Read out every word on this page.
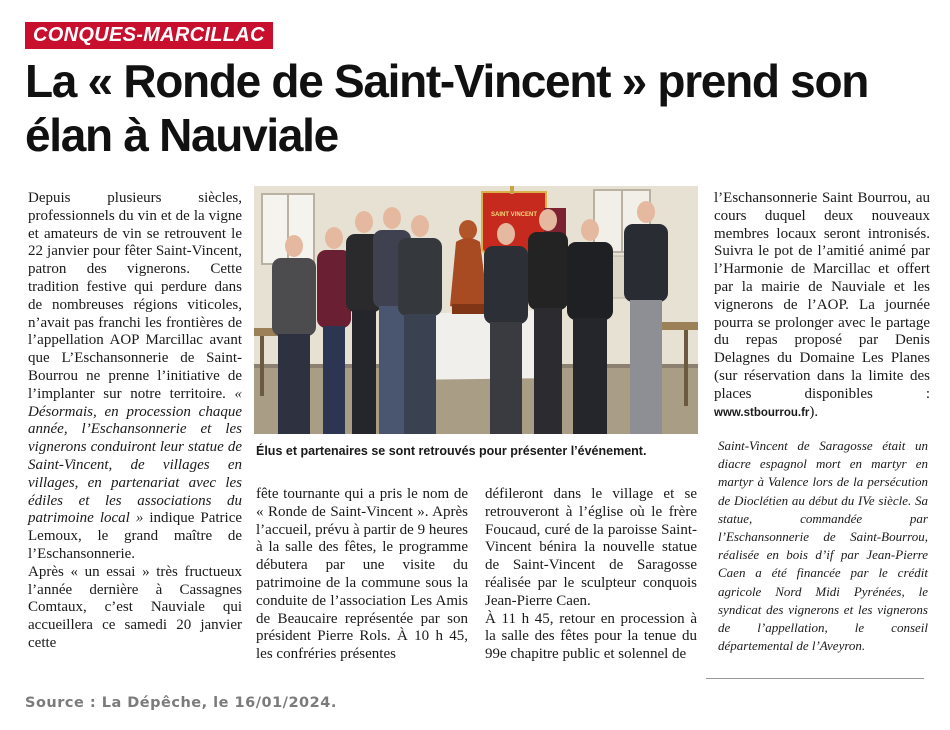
CONQUES-MARCILLAC
La « Ronde de Saint-Vincent » prend son élan à Nauviale

Depuis plusieurs siècles, professionnels du vin et de la vigne et amateurs de vin se retrouvent le 22 janvier pour fêter Saint-Vincent, patron des vignerons. Cette tradition festive qui perdure dans de nombreuses régions viticoles, n’avait pas franchi les frontières de l’appellation AOP Marcillac avant que L’Eschansonnerie de Saint-Bourrou ne prenne l’initiative de l’implanter sur notre territoire. « Désormais, en procession chaque année, l’Eschansonnerie et les vignerons conduiront leur statue de Saint-Vincent, de villages en villages, en partenariat avec les édiles et les associations du patrimoine local » indique Patrice Lemoux, le grand maître de l’Eschansonnerie.

Après « un essai » très fructueux l’année dernière à Cassagnes Comtaux, c’est Nauviale qui accueillera ce samedi 20 janvier cette

SAINT VINCENT
Élus et partenaires se sont retrouvés pour présenter l’événement.

fête tournante qui a pris le nom de « Ronde de Saint-Vincent ». Après l’accueil, prévu à partir de 9 heures à la salle des fêtes, le programme débutera par une visite du patrimoine de la commune sous la conduite de l’association Les Amis de Beaucaire représentée par son président Pierre Rols. À 10 h 45, les confréries présentes

défileront dans le village et se retrouveront à l’église où le frère Foucaud, curé de la paroisse Saint-Vincent bénira la nouvelle statue de Saint-Vincent de Saragosse réalisée par le sculpteur conquois Jean-Pierre Caen.

À 11 h 45, retour en procession à la salle des fêtes pour la tenue du 99e chapitre public et solennel de

l’Eschansonnerie Saint Bourrou, au cours duquel deux nouveaux membres locaux seront intronisés. Suivra le pot de l’amitié animé par l’Harmonie de Marcillac et offert par la mairie de Nauviale et les vignerons de l’AOP. La journée pourra se prolonger avec le partage du repas proposé par Denis Delagnes du Domaine Les Planes (sur réservation dans la limite des places disponibles : www.stbourrou.fr).

Saint-Vincent de Saragosse était un diacre espagnol mort en martyr en martyr à Valence lors de la persécution de Dioclétien au début du IVe siècle. Sa statue, commandée par l’Eschansonnerie de Saint-Bourrou, réalisée en bois d’if par Jean-Pierre Caen a été financée par le crédit agricole Nord Midi Pyrénées, le syndicat des vignerons et les vignerons de l’appellation, le conseil départemental de l’Aveyron.
Source : La Dépêche, le 16/01/2024.
